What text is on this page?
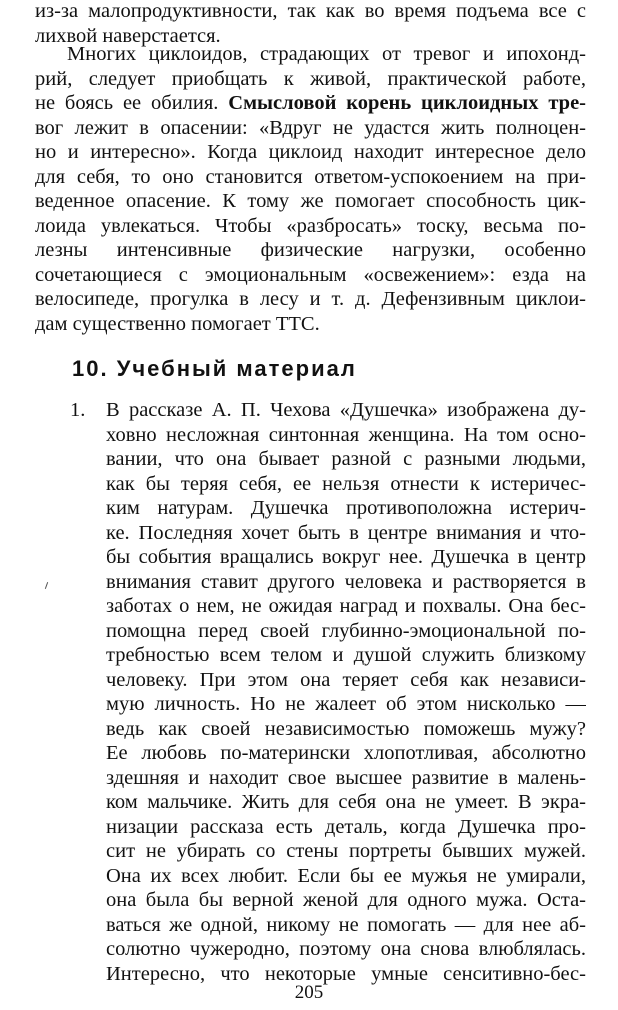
из-за малопродуктивности, так как во время подъема все с
лихвой наверстается.
Многих циклоидов, страдающих от тревог и ипохонд-
рий, следует приобщать к живой, практической работе,
не боясь ее обилия. Смысловой корень циклоидных тре-
вог лежит в опасении: «Вдруг не удастся жить полноцен-
но и интересно». Когда циклоид находит интересное дело
для себя, то оно становится ответом-успокоением на при-
веденное опасение. К тому же помогает способность цик-
лоида увлекаться. Чтобы «разбросать» тоску, весьма по-
лезны интенсивные физические нагрузки, особенно
сочетающиеся с эмоциональным «освежением»: езда на
велосипеде, прогулка в лесу и т. д. Дефензивным циклои-
дам существенно помогает ТТС.
10. Учебный материал
1. В рассказе А. П. Чехова «Душечка» изображена ду-
ховно несложная синтонная женщина. На том осно-
вании, что она бывает разной с разными людьми,
как бы теряя себя, ее нельзя отнести к истеричес-
ким натурам. Душечка противоположна истерич-
ке. Последняя хочет быть в центре внимания и что-
бы события вращались вокруг нее. Душечка в центр
внимания ставит другого человека и растворяется в
заботах о нем, не ожидая наград и похвалы. Она бес-
помощна перед своей глубинно-эмоциональной по-
требностью всем телом и душой служить близкому
человеку. При этом она теряет себя как независи-
мую личность. Но не жалеет об этом нисколько —
ведь как своей независимостью поможешь мужу?
Ее любовь по-матерински хлопотливая, абсолютно
здешняя и находит свое высшее развитие в малень-
ком мальчике. Жить для себя она не умеет. В экра-
низации рассказа есть деталь, когда Душечка про-
сит не убирать со стены портреты бывших мужей.
Она их всех любит. Если бы ее мужья не умирали,
она была бы верной женой для одного мужа. Оста-
ваться же одной, никому не помогать — для нее аб-
солютно чужеродно, поэтому она снова влюблялась.
Интересно, что некоторые умные сенситивно-бес-
205
